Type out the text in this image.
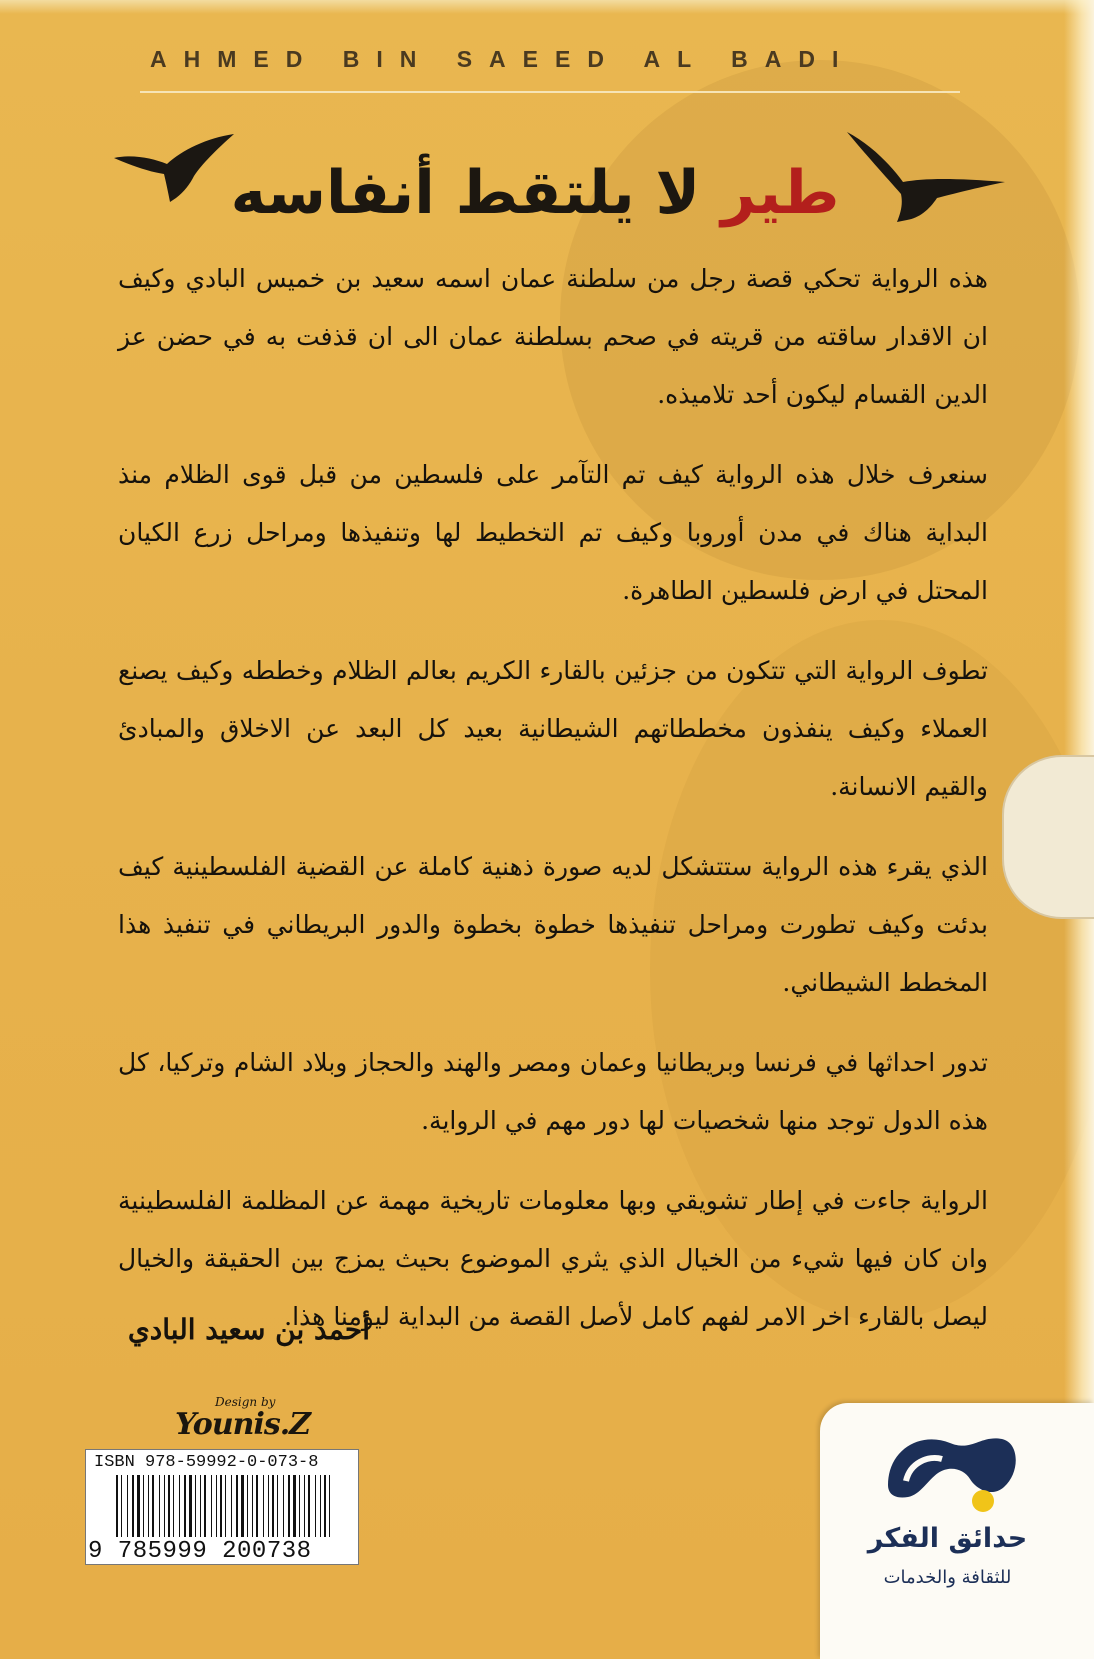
AHMED BIN SAEED AL BADI
طير لا يلتقط أنفاسه

هذه الرواية تحكي قصة رجل من سلطنة عمان اسمه سعيد بن خميس البادي وكيف ان الاقدار ساقته من قريته في صحم بسلطنة عمان الى ان قذفت به في حضن عز الدين القسام ليكون أحد تلاميذه.

سنعرف خلال هذه الرواية كيف تم التآمر على فلسطين من قبل قوى الظلام منذ البداية هناك في مدن أوروبا وكيف تم التخطيط لها وتنفيذها ومراحل زرع الكيان المحتل في ارض فلسطين الطاهرة.

تطوف الرواية التي تتكون من جزئين بالقارء الكريم بعالم الظلام وخططه وكيف يصنع العملاء وكيف ينفذون مخططاتهم الشيطانية بعيد كل البعد عن الاخلاق والمبادئ والقيم الانسانة.

الذي يقرء هذه الرواية ستتشكل لديه صورة ذهنية كاملة عن القضية الفلسطينية كيف بدئت وكيف تطورت ومراحل تنفيذها خطوة بخطوة والدور البريطاني في تنفيذ هذا المخطط الشيطاني.

تدور احداثها في فرنسا وبريطانيا وعمان ومصر والهند والحجاز وبلاد الشام وتركيا، كل هذه الدول توجد منها شخصيات لها دور مهم في الرواية.

الرواية جاءت في إطار تشويقي وبها معلومات تاريخية مهمة عن المظلمة الفلسطينية وان كان فيها شيء من الخيال الذي يثري الموضوع بحيث يمزج بين الحقيقة والخيال ليصل بالقارء اخر الامر لفهم كامل لأصل القصة من البداية ليومنا هذا.

أحمد بن سعيد البادي
Design by
Younis.Z
ISBN 978-59992-0-073-8
9 785999 200738	حدائق الفكر
للثقافة والخدمات
